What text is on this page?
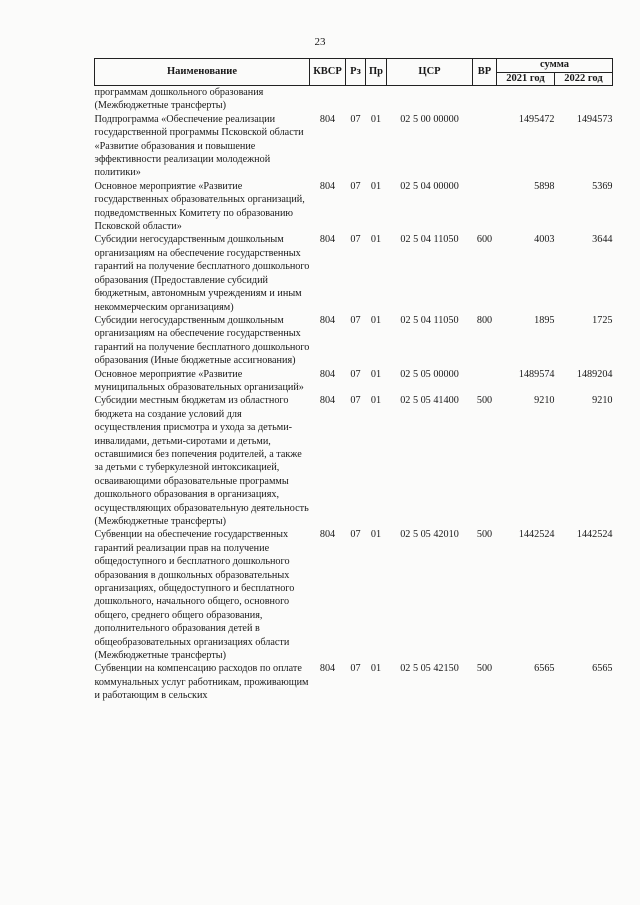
23
Наименование	КВСР	Рз	Пр	ЦСР	ВР	сумма	
						2021 год	2022 год
программам дошкольного образования (Межбюджетные трансферты)							
Подпрограмма «Обеспечение реализации государственной программы Псковской области «Развитие образования и повышение эффективности реализации молодежной политики»	804	07	01	02 5 00 00000		1495472	1494573
Основное мероприятие «Развитие государственных образовательных организаций, подведомственных Комитету по образованию Псковской области»	804	07	01	02 5 04 00000		5898	5369
Субсидии негосударственным дошкольным организациям на обеспечение государственных гарантий на получение бесплатного дошкольного образования (Предоставление субсидий бюджетным, автономным учреждениям и иным некоммерческим организациям)	804	07	01	02 5 04 11050	600	4003	3644
Субсидии негосударственным дошкольным организациям на обеспечение государственных гарантий на получение бесплатного дошкольного образования (Иные бюджетные ассигнования)	804	07	01	02 5 04 11050	800	1895	1725
Основное мероприятие «Развитие муниципальных образовательных организаций»	804	07	01	02 5 05 00000		1489574	1489204
Субсидии местным бюджетам из областного бюджета на создание условий для осуществления присмотра и ухода за детьми-инвалидами, детьми-сиротами и детьми, оставшимися без попечения родителей, а также за детьми с туберкулезной интоксикацией, осваивающими образовательные программы дошкольного образования в организациях, осуществляющих образовательную деятельность (Межбюджетные трансферты)	804	07	01	02 5 05 41400	500	9210	9210
Субвенции на обеспечение государственных гарантий реализации прав на получение общедоступного и бесплатного дошкольного образования в дошкольных образовательных организациях, общедоступного и бесплатного дошкольного, начального общего, основного общего, среднего общего образования, дополнительного образования детей в общеобразовательных организациях области (Межбюджетные трансферты)	804	07	01	02 5 05 42010	500	1442524	1442524
Субвенции на компенсацию расходов по оплате коммунальных услуг работникам, проживающим и работающим в сельских	804	07	01	02 5 05 42150	500	6565	6565
